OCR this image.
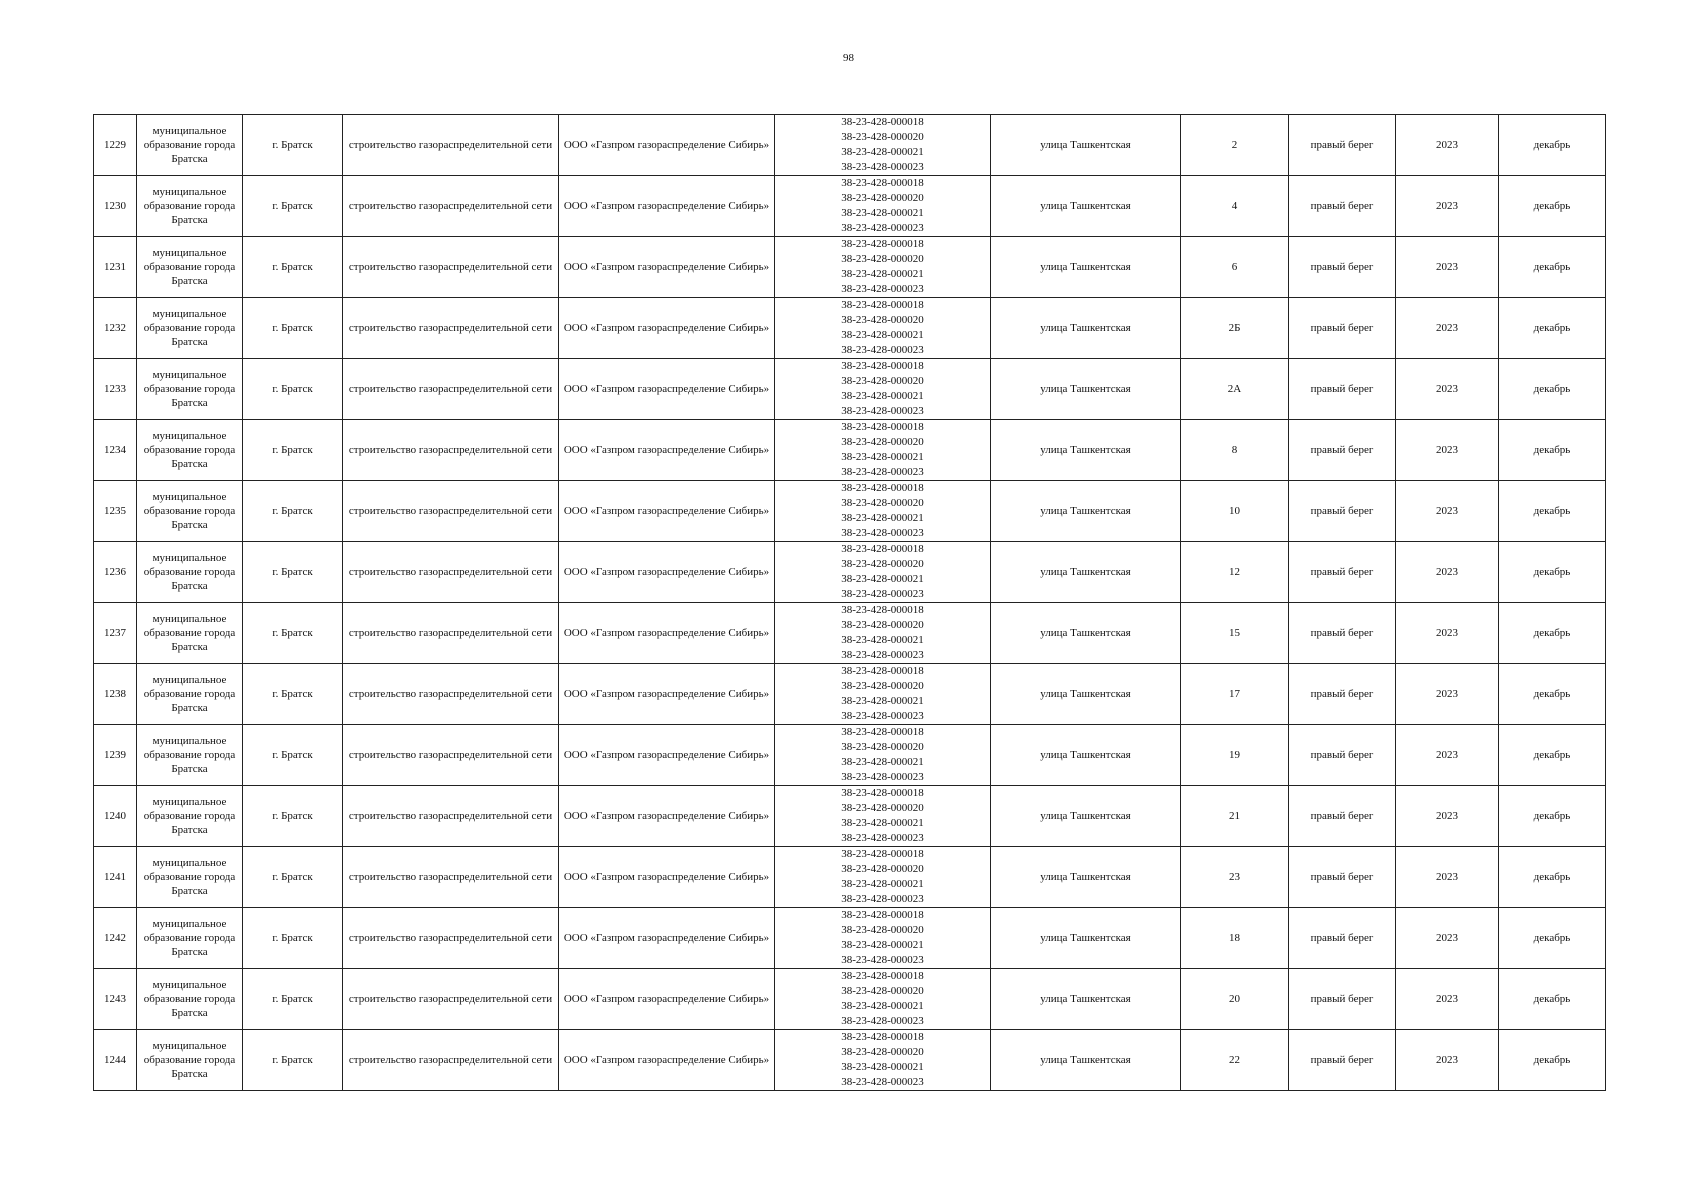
98
1229	муниципальное образование города Братска	г. Братск	строительство газораспределительной сети	ООО «Газпром газораспределение Сибирь»	38-23-428-000018
38-23-428-000020
38-23-428-000021
38-23-428-000023	улица Ташкентская	2	правый берег	2023	декабрь
1230	муниципальное образование города Братска	г. Братск	строительство газораспределительной сети	ООО «Газпром газораспределение Сибирь»	38-23-428-000018
38-23-428-000020
38-23-428-000021
38-23-428-000023	улица Ташкентская	4	правый берег	2023	декабрь
1231	муниципальное образование города Братска	г. Братск	строительство газораспределительной сети	ООО «Газпром газораспределение Сибирь»	38-23-428-000018
38-23-428-000020
38-23-428-000021
38-23-428-000023	улица Ташкентская	6	правый берег	2023	декабрь
1232	муниципальное образование города Братска	г. Братск	строительство газораспределительной сети	ООО «Газпром газораспределение Сибирь»	38-23-428-000018
38-23-428-000020
38-23-428-000021
38-23-428-000023	улица Ташкентская	2Б	правый берег	2023	декабрь
1233	муниципальное образование города Братска	г. Братск	строительство газораспределительной сети	ООО «Газпром газораспределение Сибирь»	38-23-428-000018
38-23-428-000020
38-23-428-000021
38-23-428-000023	улица Ташкентская	2А	правый берег	2023	декабрь
1234	муниципальное образование города Братска	г. Братск	строительство газораспределительной сети	ООО «Газпром газораспределение Сибирь»	38-23-428-000018
38-23-428-000020
38-23-428-000021
38-23-428-000023	улица Ташкентская	8	правый берег	2023	декабрь
1235	муниципальное образование города Братска	г. Братск	строительство газораспределительной сети	ООО «Газпром газораспределение Сибирь»	38-23-428-000018
38-23-428-000020
38-23-428-000021
38-23-428-000023	улица Ташкентская	10	правый берег	2023	декабрь
1236	муниципальное образование города Братска	г. Братск	строительство газораспределительной сети	ООО «Газпром газораспределение Сибирь»	38-23-428-000018
38-23-428-000020
38-23-428-000021
38-23-428-000023	улица Ташкентская	12	правый берег	2023	декабрь
1237	муниципальное образование города Братска	г. Братск	строительство газораспределительной сети	ООО «Газпром газораспределение Сибирь»	38-23-428-000018
38-23-428-000020
38-23-428-000021
38-23-428-000023	улица Ташкентская	15	правый берег	2023	декабрь
1238	муниципальное образование города Братска	г. Братск	строительство газораспределительной сети	ООО «Газпром газораспределение Сибирь»	38-23-428-000018
38-23-428-000020
38-23-428-000021
38-23-428-000023	улица Ташкентская	17	правый берег	2023	декабрь
1239	муниципальное образование города Братска	г. Братск	строительство газораспределительной сети	ООО «Газпром газораспределение Сибирь»	38-23-428-000018
38-23-428-000020
38-23-428-000021
38-23-428-000023	улица Ташкентская	19	правый берег	2023	декабрь
1240	муниципальное образование города Братска	г. Братск	строительство газораспределительной сети	ООО «Газпром газораспределение Сибирь»	38-23-428-000018
38-23-428-000020
38-23-428-000021
38-23-428-000023	улица Ташкентская	21	правый берег	2023	декабрь
1241	муниципальное образование города Братска	г. Братск	строительство газораспределительной сети	ООО «Газпром газораспределение Сибирь»	38-23-428-000018
38-23-428-000020
38-23-428-000021
38-23-428-000023	улица Ташкентская	23	правый берег	2023	декабрь
1242	муниципальное образование города Братска	г. Братск	строительство газораспределительной сети	ООО «Газпром газораспределение Сибирь»	38-23-428-000018
38-23-428-000020
38-23-428-000021
38-23-428-000023	улица Ташкентская	18	правый берег	2023	декабрь
1243	муниципальное образование города Братска	г. Братск	строительство газораспределительной сети	ООО «Газпром газораспределение Сибирь»	38-23-428-000018
38-23-428-000020
38-23-428-000021
38-23-428-000023	улица Ташкентская	20	правый берег	2023	декабрь
1244	муниципальное образование города Братска	г. Братск	строительство газораспределительной сети	ООО «Газпром газораспределение Сибирь»	38-23-428-000018
38-23-428-000020
38-23-428-000021
38-23-428-000023	улица Ташкентская	22	правый берег	2023	декабрь
